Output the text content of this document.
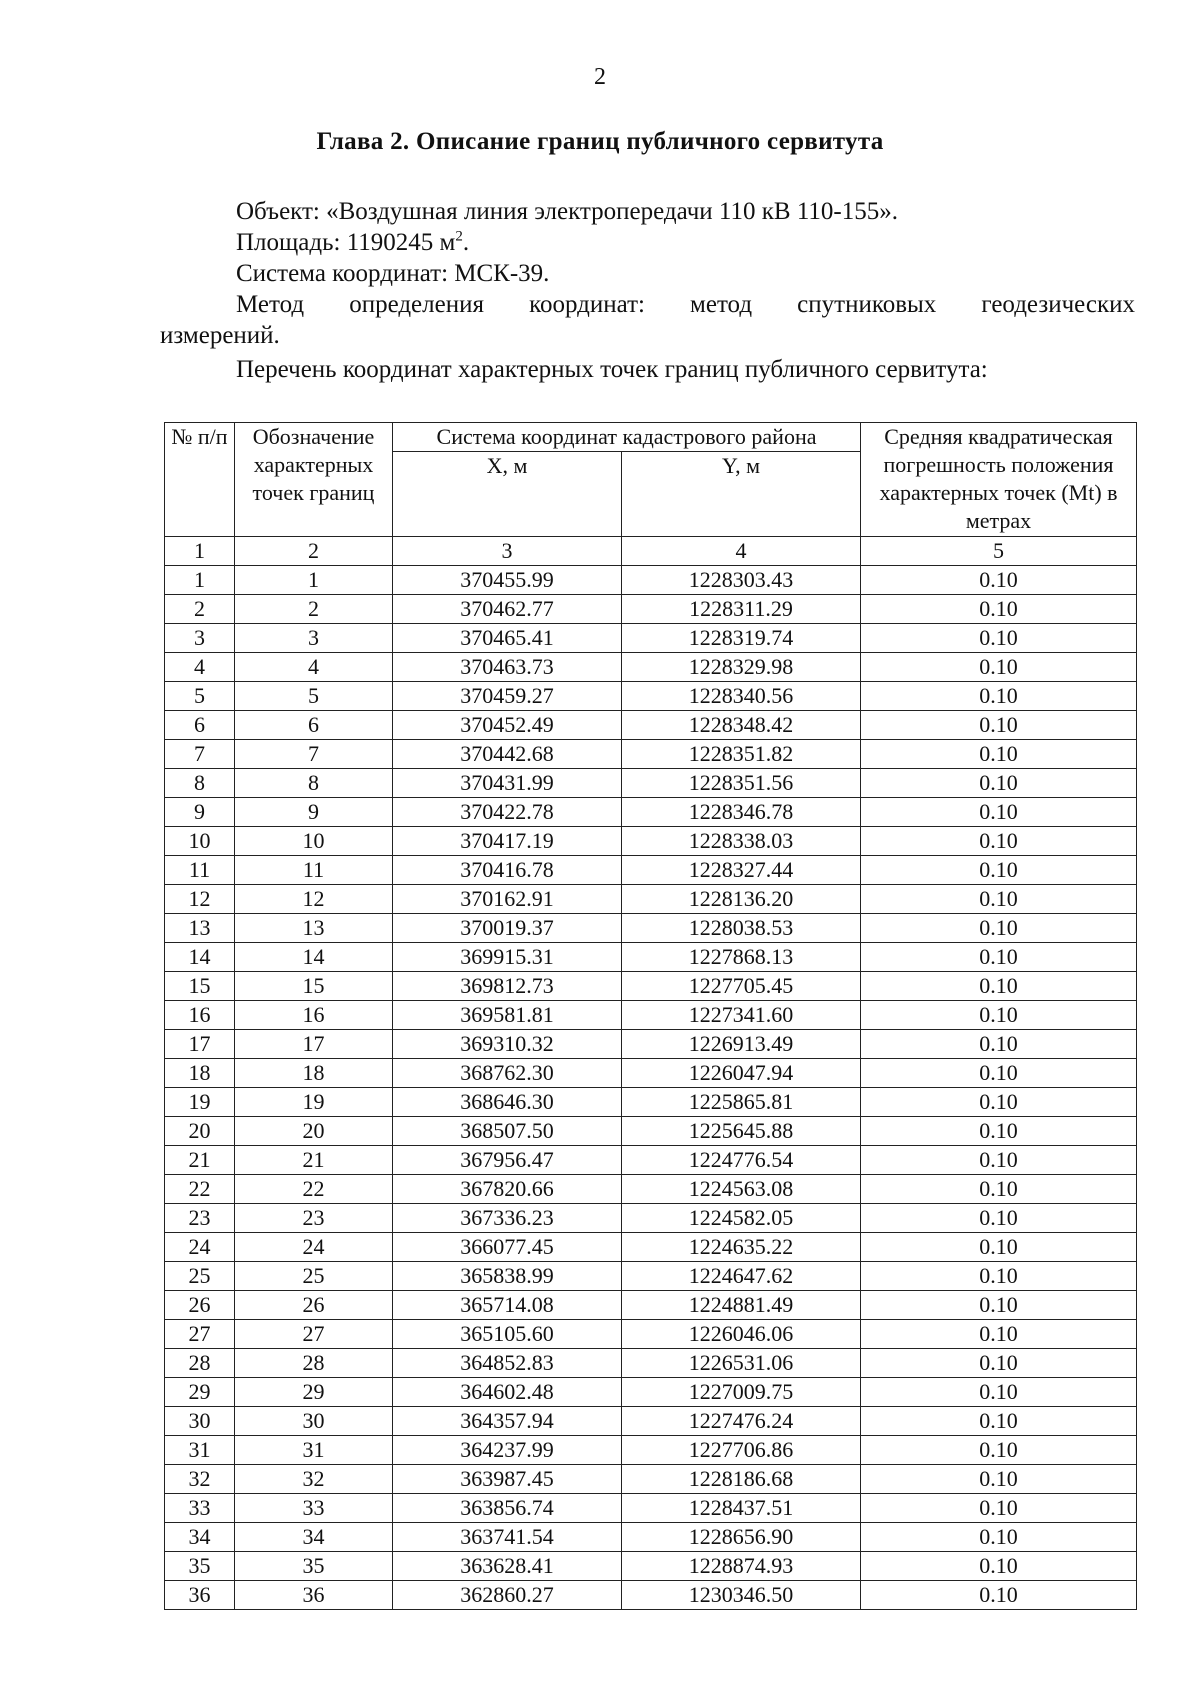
2
Глава 2. Описание границ публичного сервитута

Объект: «Воздушная линия электропередачи 110 кВ 110-155».

Площадь: 1190245 $м^2$.

Система координат: МСК-39.

Метод определения координат: метод спутниковых геодезических

измерений.

Перечень координат характерных точек границ публичного сервитута:

№ п/п	Обозначение характерных точек границ	Система координат кадастрового района		Средняя квадратическая погрешность положения характерных точек (Mt) в метрах
		X, м	Y, м	
1	2	3	4	5
1	1	370455.99	1228303.43	0.10
2	2	370462.77	1228311.29	0.10
3	3	370465.41	1228319.74	0.10
4	4	370463.73	1228329.98	0.10
5	5	370459.27	1228340.56	0.10
6	6	370452.49	1228348.42	0.10
7	7	370442.68	1228351.82	0.10
8	8	370431.99	1228351.56	0.10
9	9	370422.78	1228346.78	0.10
10	10	370417.19	1228338.03	0.10
11	11	370416.78	1228327.44	0.10
12	12	370162.91	1228136.20	0.10
13	13	370019.37	1228038.53	0.10
14	14	369915.31	1227868.13	0.10
15	15	369812.73	1227705.45	0.10
16	16	369581.81	1227341.60	0.10
17	17	369310.32	1226913.49	0.10
18	18	368762.30	1226047.94	0.10
19	19	368646.30	1225865.81	0.10
20	20	368507.50	1225645.88	0.10
21	21	367956.47	1224776.54	0.10
22	22	367820.66	1224563.08	0.10
23	23	367336.23	1224582.05	0.10
24	24	366077.45	1224635.22	0.10
25	25	365838.99	1224647.62	0.10
26	26	365714.08	1224881.49	0.10
27	27	365105.60	1226046.06	0.10
28	28	364852.83	1226531.06	0.10
29	29	364602.48	1227009.75	0.10
30	30	364357.94	1227476.24	0.10
31	31	364237.99	1227706.86	0.10
32	32	363987.45	1228186.68	0.10
33	33	363856.74	1228437.51	0.10
34	34	363741.54	1228656.90	0.10
35	35	363628.41	1228874.93	0.10
36	36	362860.27	1230346.50	0.10
